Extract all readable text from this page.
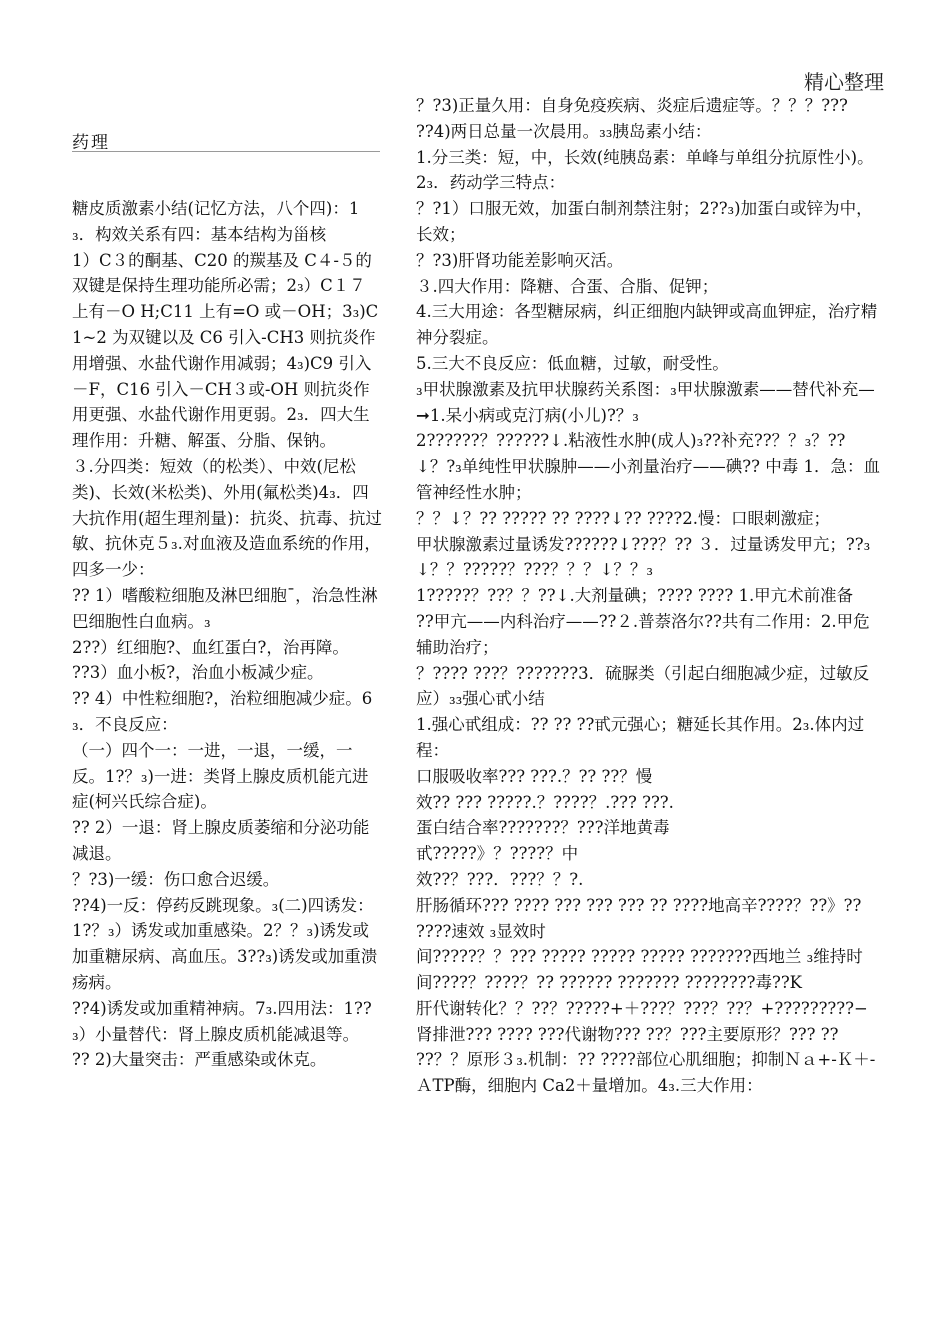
精心整理
药理

糖皮质激素小结(记忆方法，八个四)：1₃．构效关系有四：基本结构为甾核

1）C３的酮基、C20 的羰基及 C４-５的双键是保持生理功能所必需；2₃）C１７上有－O H;C11 上有=O 或－OH；3₃)C 1~2 为双键以及 C6 引入-CH3 则抗炎作用增强、水盐代谢作用减弱；4₃)C9 引入－F，C16 引入－CH３或-OH 则抗炎作用更强、水盐代谢作用更弱。2₃．四大生理作用：升糖、解蛋、分脂、保钠。

３.分四类：短效（的松类）、中效(尼松类)、长效(米松类)、外用(氟松类)4₃．四大抗作用(超生理剂量)：抗炎、抗毒、抗过敏、抗休克５₃.对血液及造血系统的作用，四多一少：

?? 1）嗜酸粒细胞及淋巴细胞ˉ，治急性淋巴细胞性白血病。₃

2??）红细胞?、血红蛋白?，治再障。

??3）血小板?，治血小板减少症。

?? 4）中性粒细胞?，治粒细胞减少症。6₃．不良反应：

（一）四个一：一进，一退，一缓，一反。1?？₃)一进：类肾上腺皮质机能亢进症(柯兴氏综合症)。

?? 2）一退：肾上腺皮质萎缩和分泌功能减退。

？?3)一缓：伤口愈合迟缓。

??4)一反：停药反跳现象。₃(二)四诱发：1?？₃）诱发或加重感染。2？？₃)诱发或加重糖尿病、高血压。3??₃)诱发或加重溃疡病。

??4)诱发或加重精神病。7₃.四用法：1??₃）小量替代：肾上腺皮质机能减退等。

?? 2)大量突击：严重感染或休克。

？?3)正量久用：自身免疫疾病、炎症后遗症等。？？？???

??4)两日总量一次晨用。₃₃胰岛素小结：

1.分三类：短，中，长效(纯胰岛素：单峰与单组分抗原性小)。2₃．药动学三特点：

？?1）口服无效，加蛋白制剂禁注射；2??₃)加蛋白或锌为中，长效；

？?3)肝肾功能差影响灭活。

３.四大作用：降糖、合蛋、合脂、促钾；

4.三大用途：各型糖尿病，纠正细胞内缺钾或高血钾症，治疗精神分裂症。

5.三大不良反应：低血糖，过敏，耐受性。

₃甲状腺激素及抗甲状腺药关系图：₃甲状腺激素——替代补充—➞1.呆小病或克汀病(小儿)?？₃

2??????？??????↓.粘液性水肿(成人)₃??补充??？？₃？??↓？?₃单纯性甲状腺肿——小剂量治疗——碘?? 中毒 1．急：血管神经性水肿；

？？↓？?? ????? ?? ????↓?? ????2.慢：口眼刺激症；

甲状腺激素过量诱发??????↓???？?? ３．过量诱发甲亢；??₃↓？？?????？???？？？↓？？₃

1?????？??？？??↓.大剂量碘；???? ???? 1.甲亢术前准备

??甲亢——内科治疗——??２.普萘洛尔??共有二作用：2.甲危辅助治疗；

？???? ???？???????3．硫脲类（引起白细胞减少症，过敏反应）₃₃强心甙小结

1.强心甙组成：?? ?? ??甙元强心；糖延长其作用。2₃.体内过程：

口服吸收率??? ???.？?? ??？慢

效?? ??? ?????.？????？.??? ???.

蛋白结合率???????？???洋地黄毒

甙?????》？????？中

效??？???．???？？?.

肝肠循环??? ???? ??? ??? ??? ?? ????地高辛????？??》?? ????速效 ₃显效时

间?????？？??? ????? ????? ????? ???????西地兰 ₃维持时

间????？????？?? ?????? ??????? ????????毒??K

肝代谢转化？？??？?????+＋???？???？??？+?????????−

肾排泄??? ???? ???代谢物??? ??？???主要原形？??? ?? ??？？原形３₃.机制：?? ????部位心肌细胞；抑制Ｎａ+-Ｋ＋-ＡTP酶，细胞内 Ca2＋量增加。4₃.三大作用：
